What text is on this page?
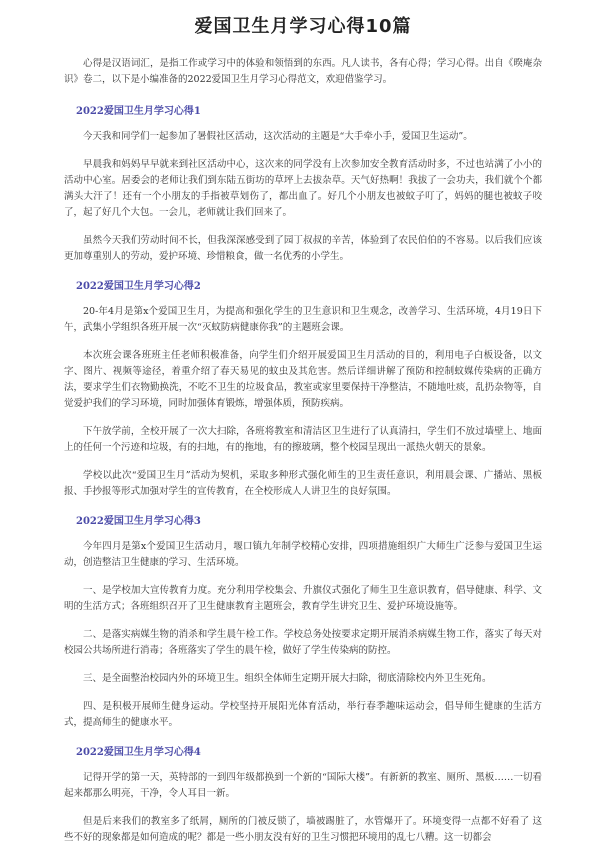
爱国卫生月学习心得10篇

心得是汉语词汇，是指工作或学习中的体验和领悟到的东西。凡人读书，各有心得；学习心得。出自《暌庵杂识》卷二，以下是小编准备的2022爱国卫生月学习心得范文，欢迎借鉴学习。

2022爱国卫生月学习心得1

今天我和同学们一起参加了暑假社区活动，这次活动的主题是“大手牵小手，爱国卫生运动”。

早晨我和妈妈早早就来到社区活动中心，这次来的同学没有上次参加安全教育活动时多，不过也站满了小小的活动中心室。居委会的老师让我们到东陆五街坊的草坪上去拔杂草。天气好热啊！我拔了一会功夫，我们就个个都满头大汗了！还有一个小朋友的手指被草划伤了，都出血了。好几个小朋友也被蚊子叮了，妈妈的腿也被蚊子咬了，起了好几个大包。一会儿，老师就让我们回来了。

虽然今天我们劳动时间不长，但我深深感受到了园丁叔叔的辛苦，体验到了农民伯伯的不容易。以后我们应该更加尊重别人的劳动，爱护环境、珍惜粮食，做一名优秀的小学生。

2022爱国卫生月学习心得2

20-年4月是第x个爱国卫生月，为提高和强化学生的卫生意识和卫生观念，改善学习、生活环境，4月19日下午，武集小学组织各班开展一次“灭蚊防病健康你我”的主题班会课。

本次班会课各班班主任老师积极准备，向学生们介绍开展爱国卫生月活动的目的，利用电子白板设备，以文字、图片、视频等途径，着重介绍了春天易见的蚊虫及其危害。然后详细讲解了预防和控制蚊媒传染病的正确方法，要求学生们衣物勤换洗，不吃不卫生的垃圾食品，教室或家里要保持干净整洁，不随地吐痰，乱扔杂物等，自觉爱护我们的学习环境，同时加强体育锻炼，增强体质，预防疾病。

下午放学前，全校开展了一次大扫除，各班将教室和清洁区卫生进行了认真清扫，学生们不放过墙壁上、地面上的任何一个污迹和垃圾，有的扫地，有的拖地，有的擦玻璃，整个校园呈现出一派热火朝天的景象。

学校以此次“爱国卫生月”活动为契机，采取多种形式强化师生的卫生责任意识，利用晨会课、广播站、黑板报、手抄报等形式加强对学生的宣传教育，在全校形成人人讲卫生的良好氛围。

2022爱国卫生月学习心得3

今年四月是第x个爱国卫生活动月，堰口镇九年制学校精心安排，四项措施组织广大师生广泛参与爱国卫生运动，创造整洁卫生健康的学习、生活环境。

一、是学校加大宣传教育力度。充分利用学校集会、升旗仪式强化了师生卫生意识教育，倡导健康、科学、文明的生活方式；各班组织召开了卫生健康教育主题班会，教育学生讲究卫生、爱护环境设施等。

二、是落实病媒生物的消杀和学生晨午检工作。学校总务处按要求定期开展消杀病媒生物工作，落实了每天对校园公共场所进行消毒；各班落实了学生的晨午检，做好了学生传染病的防控。

三、是全面整治校园内外的环境卫生。组织全体师生定期开展大扫除，彻底清除校内外卫生死角。

四、是积极开展师生健身运动。学校坚持开展阳光体育活动，举行春季趣味运动会，倡导师生健康的生活方式，提高师生的健康水平。

2022爱国卫生月学习心得4

记得开学的第一天，英特部的一到四年级都换到一个新的“国际大楼”。有新新的教室、厕所、黑板……一切看起来都那么明亮，干净，令人耳目一新。

但是后来我们的教室多了纸屑，厕所的门被反锁了，墙被踢脏了，水管爆开了。环境变得一点都不好看了 这些不好的现象都是如何造成的呢？都是一些小朋友没有好的卫生习惯把环境用的乱七八糟。这一切都会
